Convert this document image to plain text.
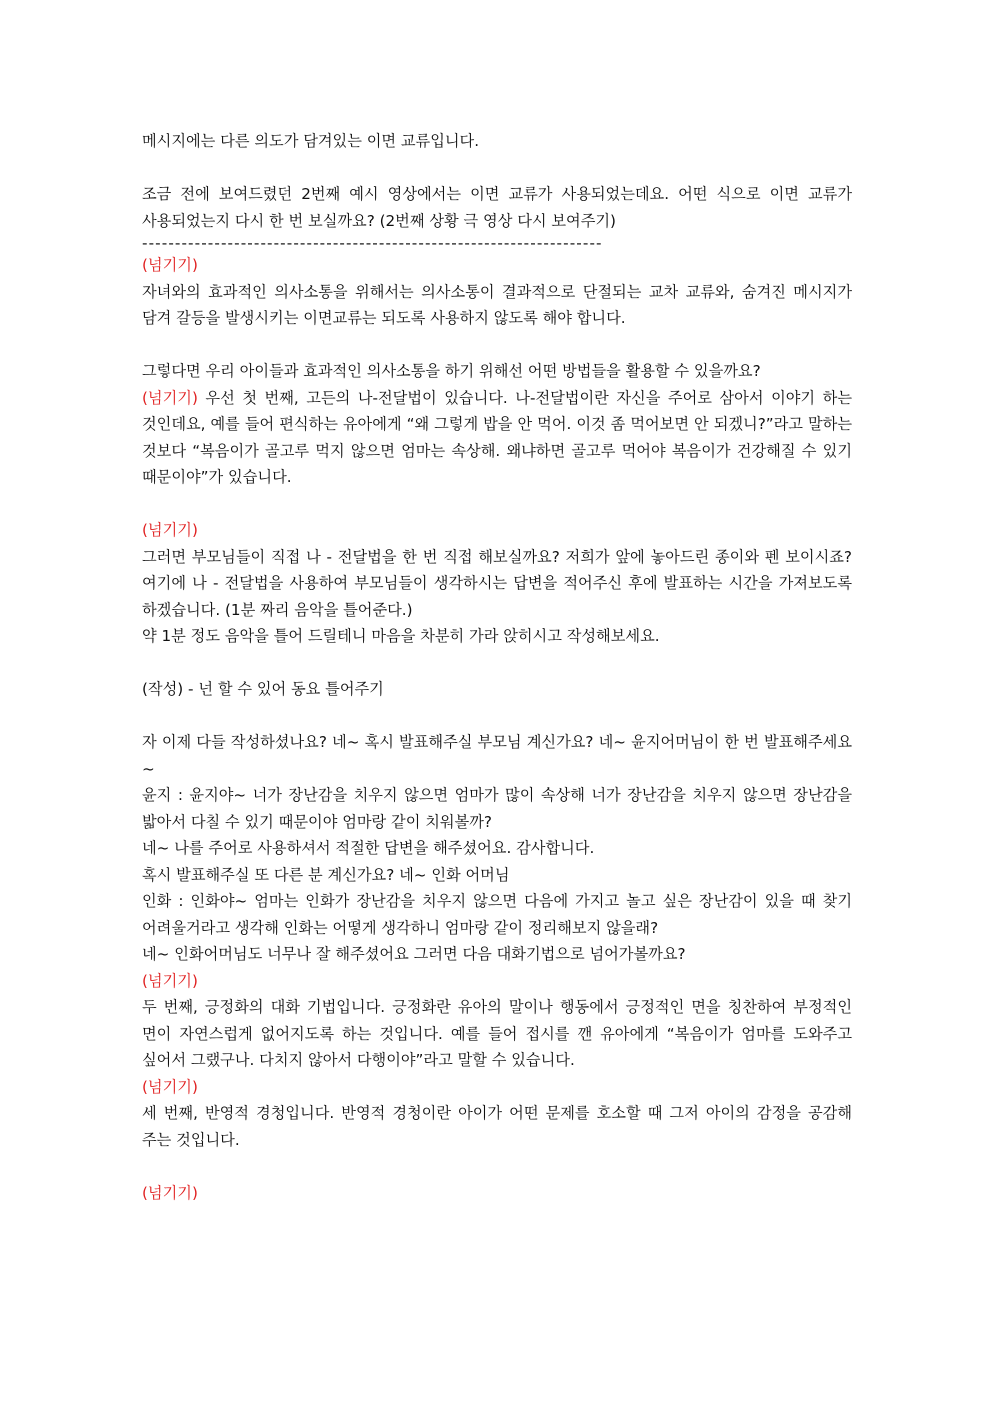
메시지에는 다른 의도가 담겨있는 이면 교류입니다.

조금 전에 보여드렸던 2번째 예시 영상에서는 이면 교류가 사용되었는데요. 어떤 식으로 이면 교류가 사용되었는지 다시 한 번 보실까요? (2번째 상황 극 영상 다시 보여주기)

----------------------------------------------------------------------

(넘기기)

자녀와의 효과적인 의사소통을 위해서는 의사소통이 결과적으로 단절되는 교차 교류와, 숨겨진 메시지가 담겨 갈등을 발생시키는 이면교류는 되도록 사용하지 않도록 해야 합니다.

그렇다면 우리 아이들과 효과적인 의사소통을 하기 위해선 어떤 방법들을 활용할 수 있을까요?

(넘기기) 우선 첫 번째, 고든의 나-전달법이 있습니다. 나-전달법이란 자신을 주어로 삼아서 이야기 하는 것인데요, 예를 들어 편식하는 유아에게 “왜 그렇게 밥을 안 먹어. 이것 좀 먹어보면 안 되겠니?”라고 말하는 것보다 “복음이가 골고루 먹지 않으면 엄마는 속상해. 왜냐하면 골고루 먹어야 복음이가 건강해질 수 있기 때문이야”가 있습니다.

(넘기기)

그러면 부모님들이 직접 나 - 전달법을 한 번 직접 해보실까요? 저희가 앞에 놓아드린 종이와 펜 보이시죠? 여기에 나 - 전달법을 사용하여 부모님들이 생각하시는 답변을 적어주신 후에 발표하는 시간을 가져보도록 하겠습니다. (1분 짜리 음악을 틀어준다.)

약 1분 정도 음악을 틀어 드릴테니 마음을 차분히 가라 앉히시고 작성해보세요.

(작성) - 넌 할 수 있어 동요 틀어주기

자 이제 다들 작성하셨나요? 네~ 혹시 발표해주실 부모님 계신가요? 네~ 윤지어머님이 한 번 발표해주세요~

윤지 : 윤지야~ 너가 장난감을 치우지 않으면 엄마가 많이 속상해 너가 장난감을 치우지 않으면 장난감을 밟아서 다칠 수 있기 때문이야 엄마랑 같이 치워볼까?

네~ 나를 주어로 사용하셔서 적절한 답변을 해주셨어요. 감사합니다.

혹시 발표해주실 또 다른 분 계신가요? 네~ 인화 어머님

인화 : 인화야~ 엄마는 인화가 장난감을 치우지 않으면 다음에 가지고 놀고 싶은 장난감이 있을 때 찾기 어려울거라고 생각해 인화는 어떻게 생각하니 엄마랑 같이 정리해보지 않을래?

네~ 인화어머님도 너무나 잘 해주셨어요 그러면 다음 대화기법으로 넘어가볼까요?

(넘기기)

두 번째, 긍정화의 대화 기법입니다. 긍정화란 유아의 말이나 행동에서 긍정적인 면을 칭찬하여 부정적인 면이 자연스럽게 없어지도록 하는 것입니다. 예를 들어 접시를 깬 유아에게 “복음이가 엄마를 도와주고 싶어서 그랬구나. 다치지 않아서 다행이야”라고 말할 수 있습니다.

(넘기기)

세 번째, 반영적 경청입니다. 반영적 경청이란 아이가 어떤 문제를 호소할 때 그저 아이의 감정을 공감해 주는 것입니다.

(넘기기)
